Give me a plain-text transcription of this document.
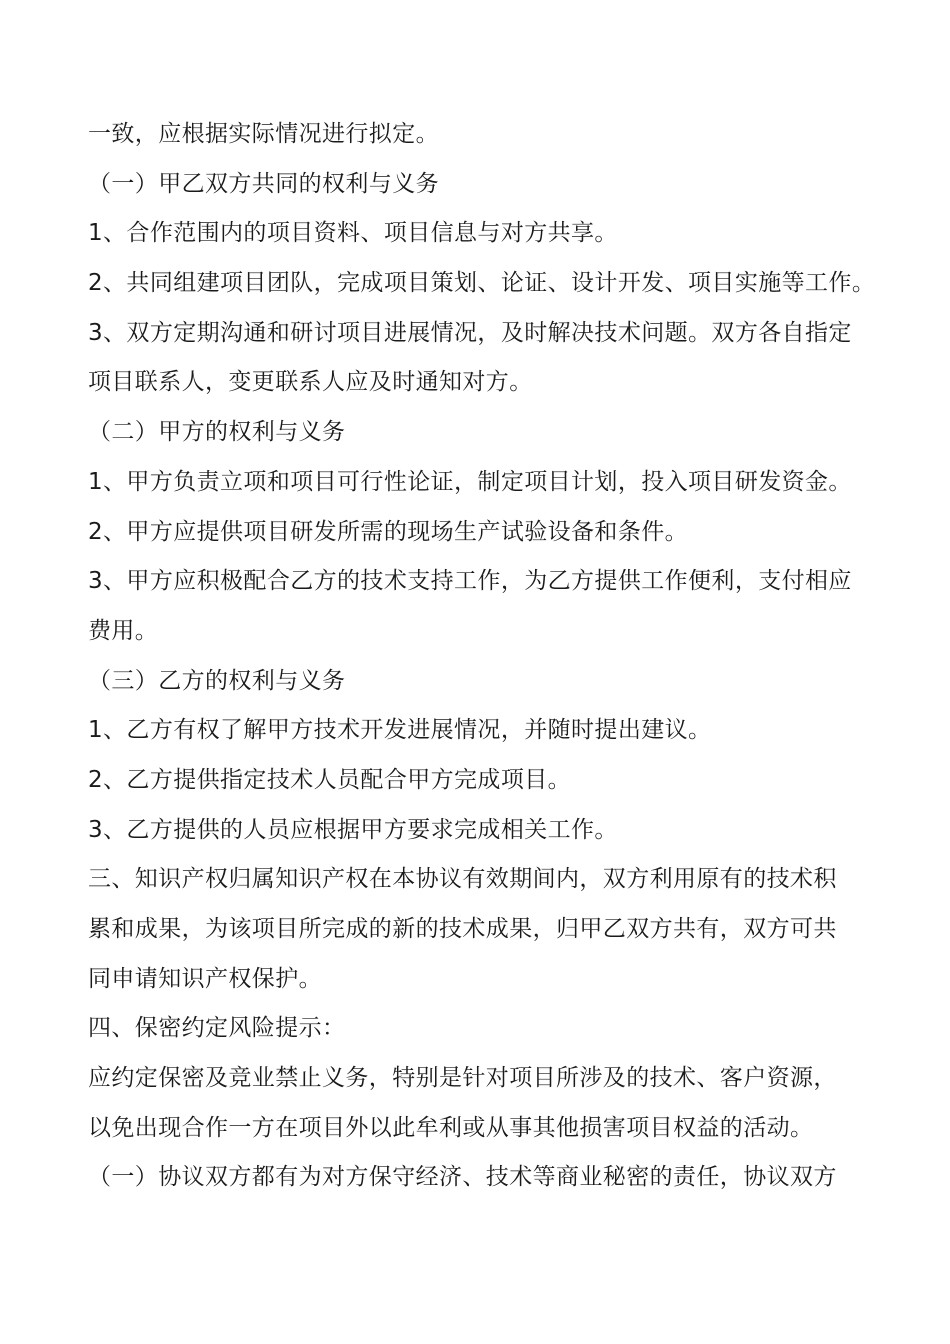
一致，应根据实际情况进行拟定。
（一）甲乙双方共同的权利与义务
1、合作范围内的项目资料、项目信息与对方共享。
2、共同组建项目团队，完成项目策划、论证、设计开发、项目实施等工作。
3、双方定期沟通和研讨项目进展情况，及时解决技术问题。双方各自指定
项目联系人，变更联系人应及时通知对方。
（二）甲方的权利与义务
1、甲方负责立项和项目可行性论证，制定项目计划，投入项目研发资金。
2、甲方应提供项目研发所需的现场生产试验设备和条件。
3、甲方应积极配合乙方的技术支持工作，为乙方提供工作便利，支付相应
费用。
（三）乙方的权利与义务
1、乙方有权了解甲方技术开发进展情况，并随时提出建议。
2、乙方提供指定技术人员配合甲方完成项目。
3、乙方提供的人员应根据甲方要求完成相关工作。
三、知识产权归属知识产权在本协议有效期间内，双方利用原有的技术积
累和成果，为该项目所完成的新的技术成果，归甲乙双方共有，双方可共
同申请知识产权保护。
四、保密约定风险提示：
应约定保密及竞业禁止义务，特别是针对项目所涉及的技术、客户资源，
以免出现合作一方在项目外以此牟利或从事其他损害项目权益的活动。
（一）协议双方都有为对方保守经济、技术等商业秘密的责任，协议双方
